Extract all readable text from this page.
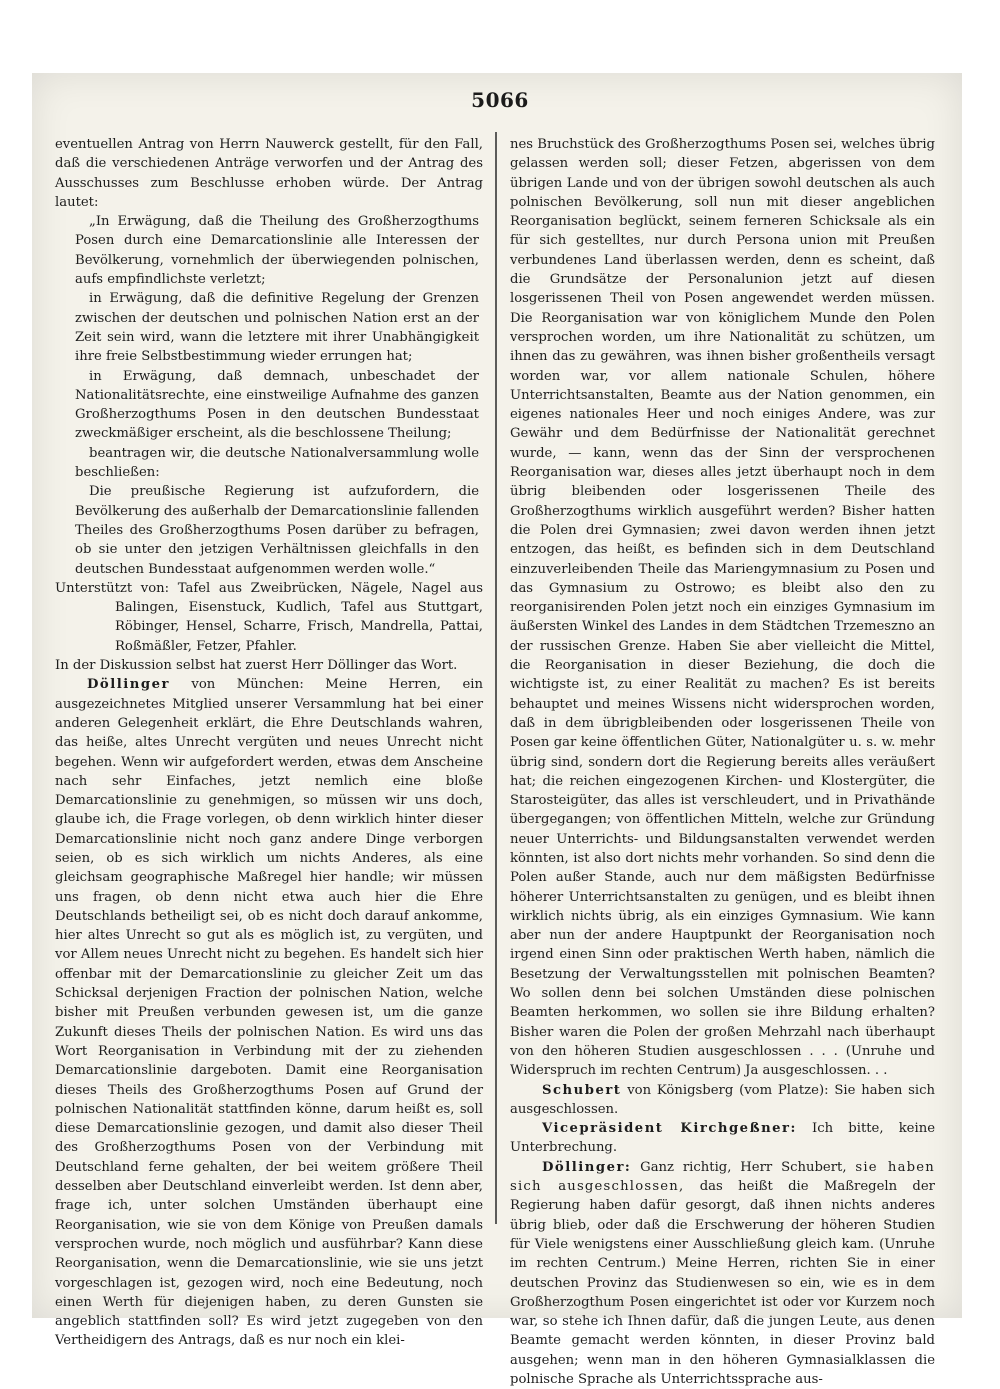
5066

eventuellen Antrag von Herrn Nauwerck gestellt, für den Fall, daß die verschiedenen Anträge verworfen und der Antrag des Ausschusses zum Beschlusse erhoben würde. Der Antrag lautet:

„In Erwägung, daß die Theilung des Großherzogthums Posen durch eine Demarcationslinie alle Interessen der Bevölkerung, vornehmlich der überwiegenden polnischen, aufs empfindlichste verletzt;

in Erwägung, daß die definitive Regelung der Grenzen zwischen der deutschen und polnischen Nation erst an der Zeit sein wird, wann die letztere mit ihrer Unabhängigkeit ihre freie Selbstbestimmung wieder errungen hat;

in Erwägung, daß demnach, unbeschadet der Nationalitätsrechte, eine einstweilige Aufnahme des ganzen Großherzogthums Posen in den deutschen Bundesstaat zweckmäßiger erscheint, als die beschlossene Theilung;

beantragen wir, die deutsche Nationalversammlung wolle beschließen:

Die preußische Regierung ist aufzufordern, die Bevölkerung des außerhalb der Demarcationslinie fallenden Theiles des Großherzogthums Posen darüber zu befragen, ob sie unter den jetzigen Verhältnissen gleichfalls in den deutschen Bundesstaat aufgenommen werden wolle.“

Unterstützt von: Tafel aus Zweibrücken, Nägele, Nagel aus Balingen, Eisenstuck, Kudlich, Tafel aus Stuttgart, Röbinger, Hensel, Scharre, Frisch, Mandrella, Pattai, Roßmäßler, Fetzer, Pfahler.

In der Diskussion selbst hat zuerst Herr Döllinger das Wort.

Döllinger von München: Meine Herren, ein ausgezeichnetes Mitglied unserer Versammlung hat bei einer anderen Gelegenheit erklärt, die Ehre Deutschlands wahren, das heiße, altes Unrecht vergüten und neues Unrecht nicht begehen. Wenn wir aufgefordert werden, etwas dem Anscheine nach sehr Einfaches, jetzt nemlich eine bloße Demarcationslinie zu genehmigen, so müssen wir uns doch, glaube ich, die Frage vorlegen, ob denn wirklich hinter dieser Demarcationslinie nicht noch ganz andere Dinge verborgen seien, ob es sich wirklich um nichts Anderes, als eine gleichsam geographische Maßregel hier handle; wir müssen uns fragen, ob denn nicht etwa auch hier die Ehre Deutschlands betheiligt sei, ob es nicht doch darauf ankomme, hier altes Unrecht so gut als es möglich ist, zu vergüten, und vor Allem neues Unrecht nicht zu begehen. Es handelt sich hier offenbar mit der Demarcationslinie zu gleicher Zeit um das Schicksal derjenigen Fraction der polnischen Nation, welche bisher mit Preußen verbunden gewesen ist, um die ganze Zukunft dieses Theils der polnischen Nation. Es wird uns das Wort Reorganisation in Verbindung mit der zu ziehenden Demarcationslinie dargeboten. Damit eine Reorganisation dieses Theils des Großherzogthums Posen auf Grund der polnischen Nationalität stattfinden könne, darum heißt es, soll diese Demarcationslinie gezogen, und damit also dieser Theil des Großherzogthums Posen von der Verbindung mit Deutschland ferne gehalten, der bei weitem größere Theil desselben aber Deutschland einverleibt werden. Ist denn aber, frage ich, unter solchen Umständen überhaupt eine Reorganisation, wie sie von dem Könige von Preußen damals versprochen wurde, noch möglich und ausführbar? Kann diese Reorganisation, wenn die Demarcationslinie, wie sie uns jetzt vorgeschlagen ist, gezogen wird, noch eine Bedeutung, noch einen Werth für diejenigen haben, zu deren Gunsten sie angeblich stattfinden soll? Es wird jetzt zugegeben von den Vertheidigern des Antrags, daß es nur noch ein klei-

nes Bruchstück des Großherzogthums Posen sei, welches übrig gelassen werden soll; dieser Fetzen, abgerissen von dem übrigen Lande und von der übrigen sowohl deutschen als auch polnischen Bevölkerung, soll nun mit dieser angeblichen Reorganisation beglückt, seinem ferneren Schicksale als ein für sich gestelltes, nur durch Persona union mit Preußen verbundenes Land überlassen werden, denn es scheint, daß die Grundsätze der Personalunion jetzt auf diesen losgerissenen Theil von Posen angewendet werden müssen. Die Reorganisation war von königlichem Munde den Polen versprochen worden, um ihre Nationalität zu schützen, um ihnen das zu gewähren, was ihnen bisher großentheils versagt worden war, vor allem nationale Schulen, höhere Unterrichtsanstalten, Beamte aus der Nation genommen, ein eigenes nationales Heer und noch einiges Andere, was zur Gewähr und dem Bedürfnisse der Nationalität gerechnet wurde, — kann, wenn das der Sinn der versprochenen Reorganisation war, dieses alles jetzt überhaupt noch in dem übrig bleibenden oder losgerissenen Theile des Großherzogthums wirklich ausgeführt werden? Bisher hatten die Polen drei Gymnasien; zwei davon werden ihnen jetzt entzogen, das heißt, es befinden sich in dem Deutschland einzuverleibenden Theile das Mariengymnasium zu Posen und das Gymnasium zu Ostrowo; es bleibt also den zu reorganisirenden Polen jetzt noch ein einziges Gymnasium im äußersten Winkel des Landes in dem Städtchen Trzemeszno an der russischen Grenze. Haben Sie aber vielleicht die Mittel, die Reorganisation in dieser Beziehung, die doch die wichtigste ist, zu einer Realität zu machen? Es ist bereits behauptet und meines Wissens nicht widersprochen worden, daß in dem übrigbleibenden oder losgerissenen Theile von Posen gar keine öffentlichen Güter, Nationalgüter u. s. w. mehr übrig sind, sondern dort die Regierung bereits alles veräußert hat; die reichen eingezogenen Kirchen- und Klostergüter, die Starosteigüter, das alles ist verschleudert, und in Privathände übergegangen; von öffentlichen Mitteln, welche zur Gründung neuer Unterrichts- und Bildungsanstalten verwendet werden könnten, ist also dort nichts mehr vorhanden. So sind denn die Polen außer Stande, auch nur dem mäßigsten Bedürfnisse höherer Unterrichtsanstalten zu genügen, und es bleibt ihnen wirklich nichts übrig, als ein einziges Gymnasium. Wie kann aber nun der andere Hauptpunkt der Reorganisation noch irgend einen Sinn oder praktischen Werth haben, nämlich die Besetzung der Verwaltungsstellen mit polnischen Beamten? Wo sollen denn bei solchen Umständen diese polnischen Beamten herkommen, wo sollen sie ihre Bildung erhalten? Bisher waren die Polen der großen Mehrzahl nach überhaupt von den höheren Studien ausgeschlossen . . . (Unruhe und Widerspruch im rechten Centrum) Ja ausgeschlossen. . .

Schubert von Königsberg (vom Platze): Sie haben sich ausgeschlossen.

Vicepräsident Kirchgeßner: Ich bitte, keine Unterbrechung.

Döllinger: Ganz richtig, Herr Schubert, sie haben sich ausgeschlossen, das heißt die Maßregeln der Regierung haben dafür gesorgt, daß ihnen nichts anderes übrig blieb, oder daß die Erschwerung der höheren Studien für Viele wenigstens einer Ausschließung gleich kam. (Unruhe im rechten Centrum.) Meine Herren, richten Sie in einer deutschen Provinz das Studienwesen so ein, wie es in dem Großherzogthum Posen eingerichtet ist oder vor Kurzem noch war, so stehe ich Ihnen dafür, daß die jungen Leute, aus denen Beamte gemacht werden könnten, in dieser Provinz bald ausgehen; wenn man in den höheren Gymnasialklassen die polnische Sprache als Unterrichtssprache aus-
